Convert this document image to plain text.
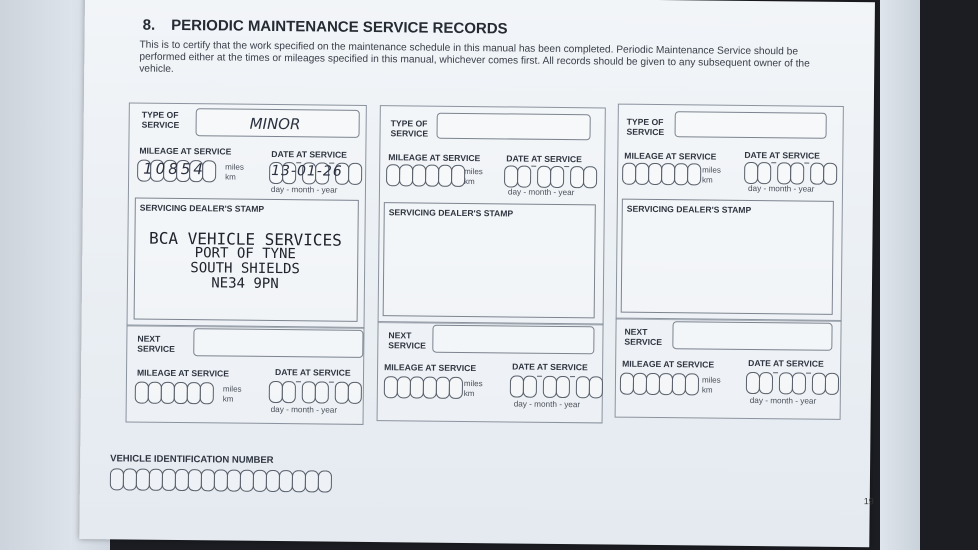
8. PERIODIC MAINTENANCE SERVICE RECORDS
This is to certify that the work specified on the maintenance schedule in this manual has been completed. Periodic Maintenance Service should be performed either at the times or mileages specified in this manual, whichever comes first. All records should be given to any subsequent owner of the vehicle.
TYPE OF SERVICE	MINOR
MILEAGE AT SERVICE	DATE AT SERVICE
10854 miles
km	13-01-26
day - month - year
SERVICING DEALER'S STAMP
BCA VEHICLE SERVICES
PORT OF TYNE
SOUTH SHIELDS
NE34 9PN
NEXT SERVICE
MILEAGE AT SERVICE	DATE AT SERVICE
miles
km
day - month - year
TYPE OF SERVICE
MILEAGE AT SERVICE	DATE AT SERVICE
miles
km
day - month - year
SERVICING DEALER'S STAMP
NEXT SERVICE
MILEAGE AT SERVICE	DATE AT SERVICE
miles
km
day - month - year
TYPE OF SERVICE
MILEAGE AT SERVICE	DATE AT SERVICE
miles
km
day - month - year
SERVICING DEALER'S STAMP
NEXT SERVICE
MILEAGE AT SERVICE	DATE AT SERVICE
miles
km
day - month - year
VEHICLE IDENTIFICATION NUMBER
19
